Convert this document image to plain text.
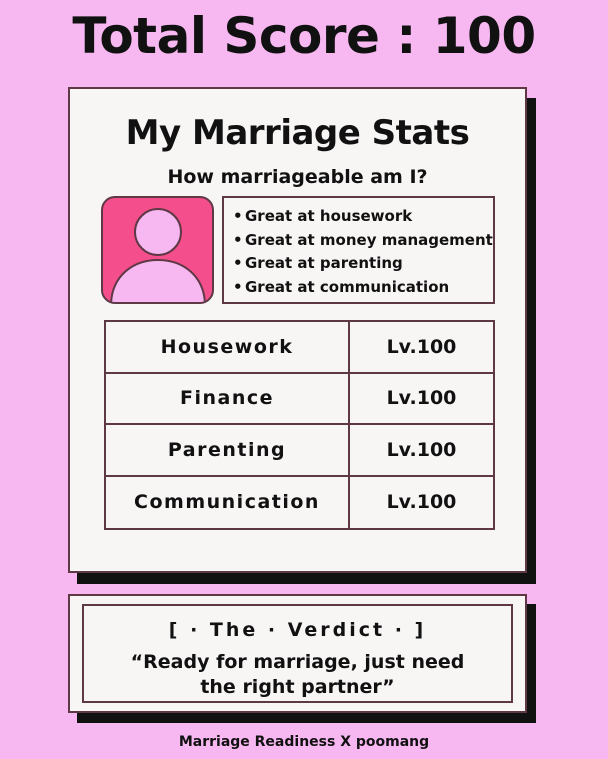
Total Score : 100
My Marriage Stats
How marriageable am I?
• Great at housework
• Great at money management
• Great at parenting
• Great at communication
Housework	Lv.100
Finance	Lv.100
Parenting	Lv.100
Communication	Lv.100
[ · The · Verdict · ]
“Ready for marriage, just need
the right partner”
Marriage Readiness X poomang
